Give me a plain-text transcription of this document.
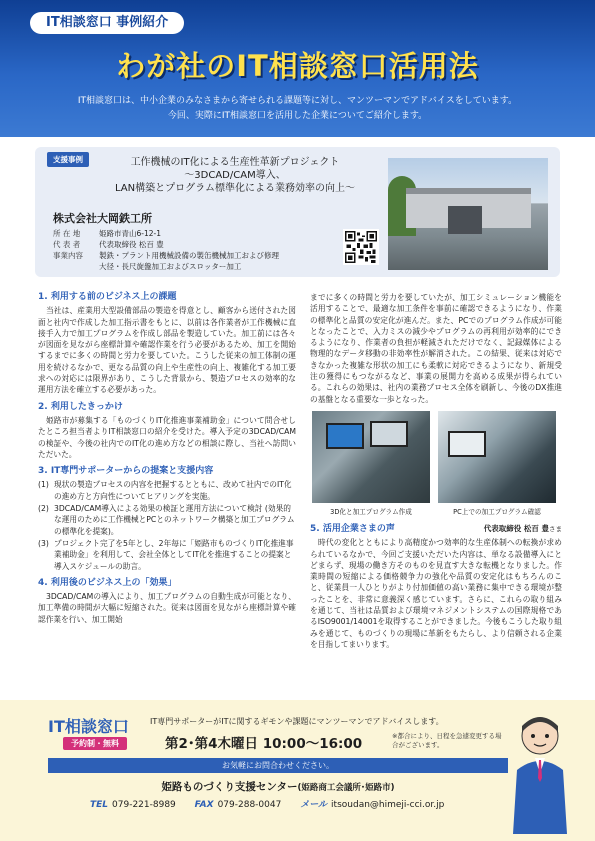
IT相談窓口 事例紹介
わが社のIT相談窓口活用法
IT相談窓口は、中小企業のみなさまから寄せられる課題等に対し、マンツーマンでアドバイスをしています。
今回、実際にIT相談窓口を活用した企業についてご紹介します。
支援事例	工作機械のIT化による生産性革新プロジェクト
〜3DCAD/CAM導入、
LAN構築とプログラム標準化による業務効率の向上〜
株式会社大岡鉄工所
所 在 地	姫路市青山6-12-1
代 表 者	代表取締役 松百 豊
事業内容	製鉄・プラント用機械設備の製缶機械加工および修理
大径・長尺旋盤加工およびスロッター加工
1. 利用する前のビジネス上の課題
当社は、産業用大型設備部品の製造を得意とし、顧客から送付された図面と社内で作成した加工指示書をもとに、以前は各作業者が工作機械に直接手入力で加工プログラムを作成し部品を製造していた。加工前には各々が図面を見ながら座標計算や確認作業を行う必要があるため、加工を開始するまでに多くの時間と労力を要していた。こうした従来の加工体制の運用を続けるなかで、更なる品質の向上や生産性の向上、複雑化する加工要求への対応には限界があり、こうした背景から、製造プロセスの効率的な運用方法を確立する必要があった。
2. 利用したきっかけ
姫路市が募集する「ものづくりIT化推進事業補助金」について問合せしたところ担当者よりIT相談窓口の紹介を受けた。導入予定の3DCAD/CAMの検証や、今後の社内でのIT化の進め方などの相談に際し、当社へ訪問いただいた。
3. IT専門サポーターからの提案と支援内容
(1) 現状の製造プロセスの内容を把握するとともに、改めて社内でのIT化の進め方と方向性についてヒアリングを実施。
(2) 3DCAD/CAM導入による効果の検証と運用方法について検討 (効果的な運用のために工作機械とPCとのネットワーク構築と加工プログラムの標準化を提案)。
(3) プロジェクト完了を5年とし、2年毎に「姫路市ものづくりIT化推進事業補助金」を利用して、会社全体としてIT化を推進することの提案と導入スケジュールの助言。
4. 利用後のビジネス上の「効果」
3DCAD/CAMの導入により、加工プログラムの自動生成が可能となり、加工準備の時間が大幅に短縮された。従来は図面を見ながら座標計算や確認作業を行い、加工開始
までに多くの時間と労力を要していたが、加工シミュレーション機能を活用することで、最適な加工条件を事前に確認できるようになり、作業の標準化と品質の安定化が進んだ。また、PCでのプログラム作成が可能となったことで、入力ミスの減少やプログラムの再利用が効率的にできるようになり、作業者の負担が軽減されただけでなく、記録媒体による物理的なデータ移動の非効率性が解消された。この結果、従来は対応できなかった複雑な形状の加工にも柔軟に対応できるようになり、新規受注の獲得にもつながるなど、事業の展開力を高める成果が得られている。これらの効果は、社内の業務プロセス全体を刷新し、今後のDX推進の基盤となる重要な一歩となった。
3D化と加工プログラム作成	PC上での加工プログラム確認
5. 活用企業さまの声	代表取締役 松百 豊さま
時代の変化とともにより高精度かつ効率的な生産体制への転換が求められているなかで、今回ご支援いただいた内容は、単なる設備導入にとどまらず、現場の働き方そのものを見直す大きな転機となりました。作業時間の短縮による価格競争力の強化や品質の安定化はもちろんのこと、従業員一人ひとりがより付加価値の高い業務に集中できる環境が整ったことを、非常に意義深く感じています。さらに、これらの取り組みを通じて、当社は品質および環境マネジメントシステムの国際規格であるISO9001/14001を取得することができました。今後もこうした取り組みを通じて、ものづくりの現場に革新をもたらし、より信頼される企業を目指してまいります。
IT相談窓口
予約制・無料
IT専門サポーターがITに関するギモンや課題にマンツーマンでアドバイスします。
第2･第4木曜日 10:00〜16:00	※都合により、日程を急遽変更する場合がございます。
お気軽にお問合わせください。
姫路ものづくり支援センター(姫路商工会議所･姫路市)
TEL 079-221-8989 FAX 079-288-0047 メール itsoudan@himeji-cci.or.jp
